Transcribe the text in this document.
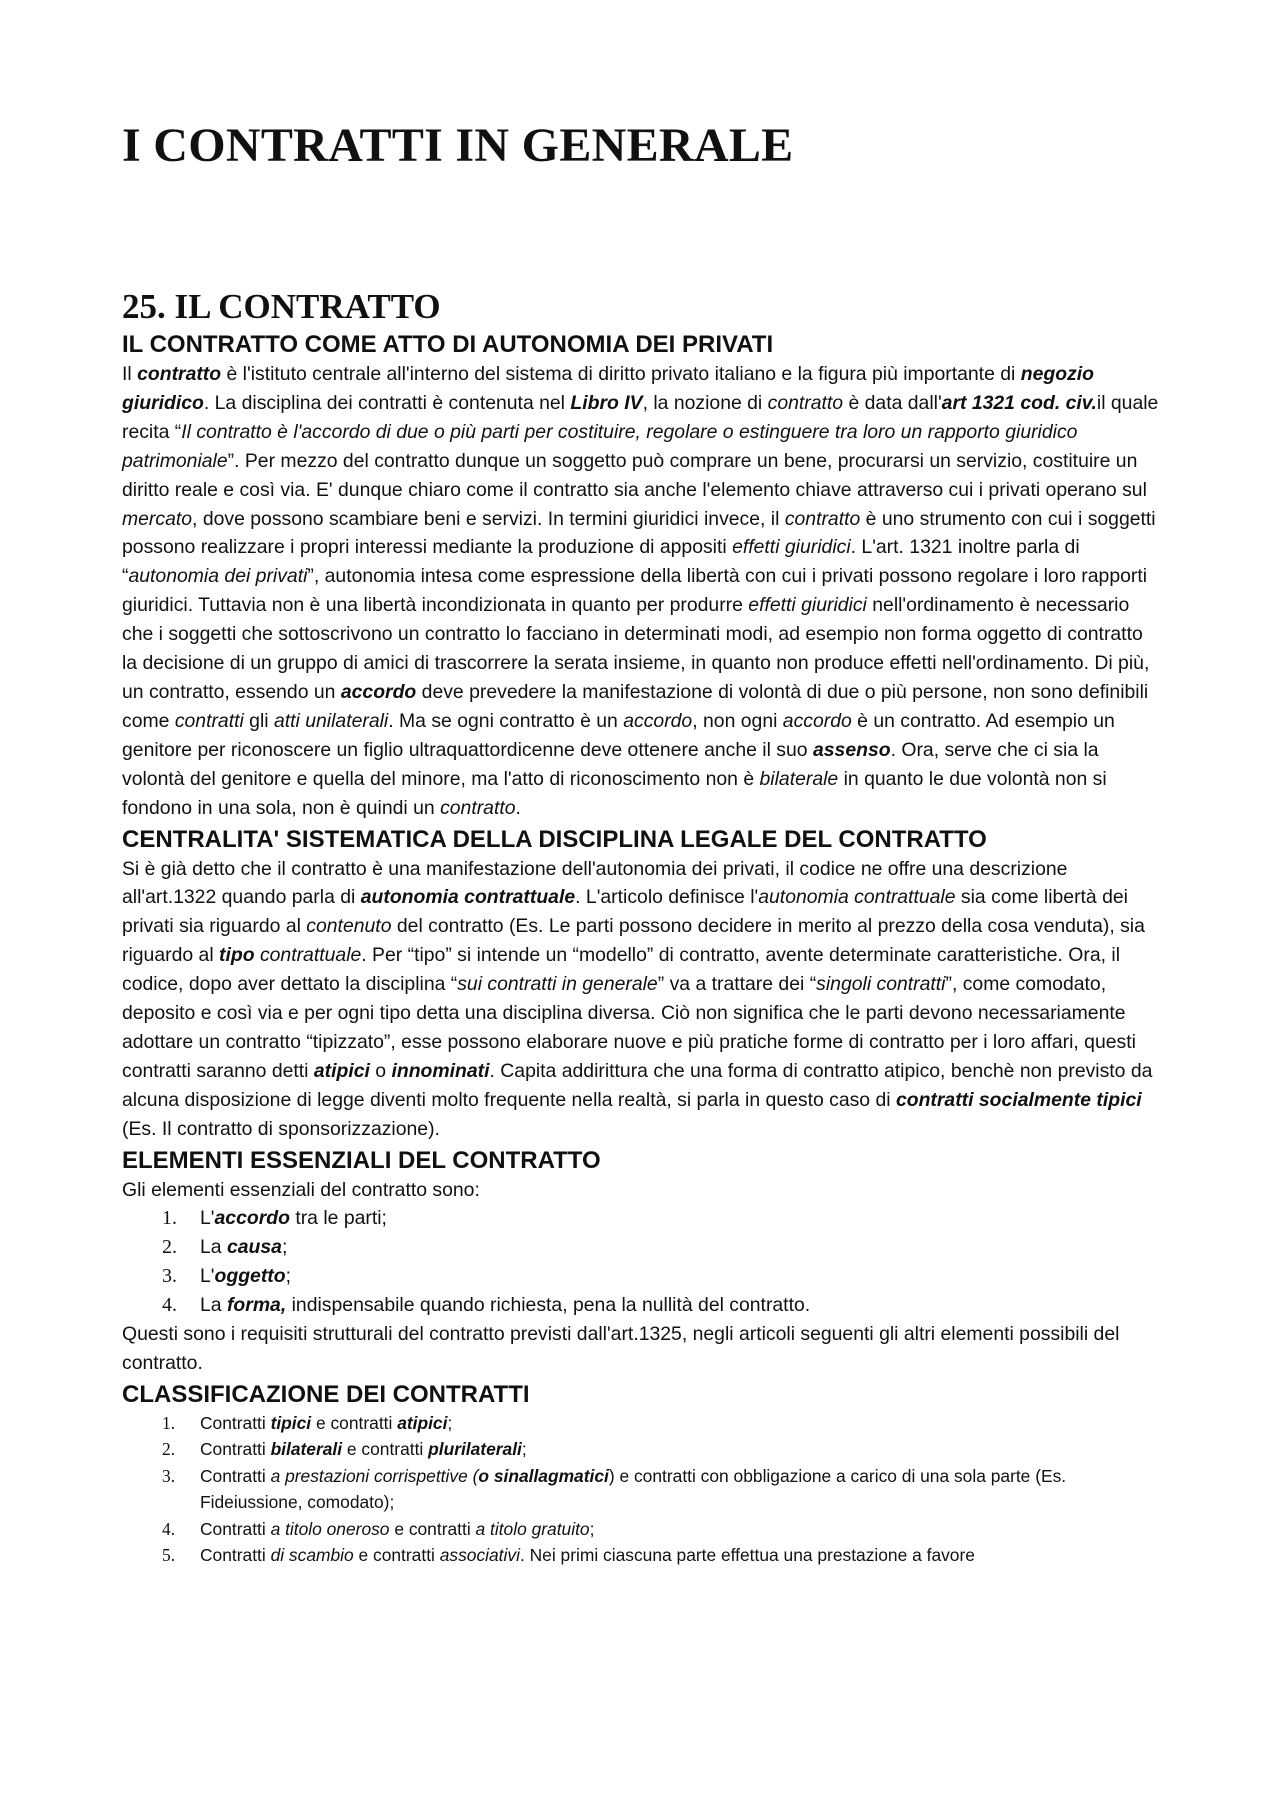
I CONTRATTI IN GENERALE
25. IL CONTRATTO
IL CONTRATTO COME ATTO DI AUTONOMIA DEI PRIVATI

Il contratto è l'istituto centrale all'interno del sistema di diritto privato italiano e la figura più importante di negozio giuridico. La disciplina dei contratti è contenuta nel Libro IV, la nozione di contratto è data dall'art 1321 cod. civ.il quale recita “Il contratto è l'accordo di due o più parti per costituire, regolare o estinguere tra loro un rapporto giuridico patrimoniale”. Per mezzo del contratto dunque un soggetto può comprare un bene, procurarsi un servizio, costituire un diritto reale e così via. E' dunque chiaro come il contratto sia anche l'elemento chiave attraverso cui i privati operano sul mercato, dove possono scambiare beni e servizi. In termini giuridici invece, il contratto è uno strumento con cui i soggetti possono realizzare i propri interessi mediante la produzione di appositi effetti giuridici. L'art. 1321 inoltre parla di “autonomia dei privati”, autonomia intesa come espressione della libertà con cui i privati possono regolare i loro rapporti giuridici. Tuttavia non è una libertà incondizionata in quanto per produrre effetti giuridici nell'ordinamento è necessario che i soggetti che sottoscrivono un contratto lo facciano in determinati modi, ad esempio non forma oggetto di contratto la decisione di un gruppo di amici di trascorrere la serata insieme, in quanto non produce effetti nell'ordinamento. Di più, un contratto, essendo un accordo deve prevedere la manifestazione di volontà di due o più persone, non sono definibili come contratti gli atti unilaterali. Ma se ogni contratto è un accordo, non ogni accordo è un contratto. Ad esempio un genitore per riconoscere un figlio ultraquattordicenne deve ottenere anche il suo assenso. Ora, serve che ci sia la volontà del genitore e quella del minore, ma l'atto di riconoscimento non è bilaterale in quanto le due volontà non si fondono in una sola, non è quindi un contratto.

CENTRALITA' SISTEMATICA DELLA DISCIPLINA LEGALE DEL CONTRATTO

Si è già detto che il contratto è una manifestazione dell'autonomia dei privati, il codice ne offre una descrizione all'art.1322 quando parla di autonomia contrattuale. L'articolo definisce l'autonomia contrattuale sia come libertà dei privati sia riguardo al contenuto del contratto (Es. Le parti possono decidere in merito al prezzo della cosa venduta), sia riguardo al tipo contrattuale. Per “tipo” si intende un “modello” di contratto, avente determinate caratteristiche. Ora, il codice, dopo aver dettato la disciplina “sui contratti in generale” va a trattare dei “singoli contratti”, come comodato, deposito e così via e per ogni tipo detta una disciplina diversa. Ciò non significa che le parti devono necessariamente adottare un contratto “tipizzato”, esse possono elaborare nuove e più pratiche forme di contratto per i loro affari, questi contratti saranno detti atipici o innominati. Capita addirittura che una forma di contratto atipico, benchè non previsto da alcuna disposizione di legge diventi molto frequente nella realtà, si parla in questo caso di contratti socialmente tipici (Es. Il contratto di sponsorizzazione).

ELEMENTI ESSENZIALI DEL CONTRATTO
Gli elementi essenziali del contratto sono:
1. L'accordo tra le parti;
2. La causa;
3. L'oggetto;
4. La forma, indispensabile quando richiesta, pena la nullità del contratto.
Questi sono i requisiti strutturali del contratto previsti dall'art.1325, negli articoli seguenti gli altri elementi possibili del contratto.
CLASSIFICAZIONE DEI CONTRATTI
1. Contratti tipici e contratti atipici;
2. Contratti bilaterali e contratti plurilaterali;
3. Contratti a prestazioni corrispettive (o sinallagmatici) e contratti con obbligazione a carico di una sola parte (Es. Fideiussione, comodato);
4. Contratti a titolo oneroso e contratti a titolo gratuito;
5. Contratti di scambio e contratti associativi. Nei primi ciascuna parte effettua una prestazione a favore
